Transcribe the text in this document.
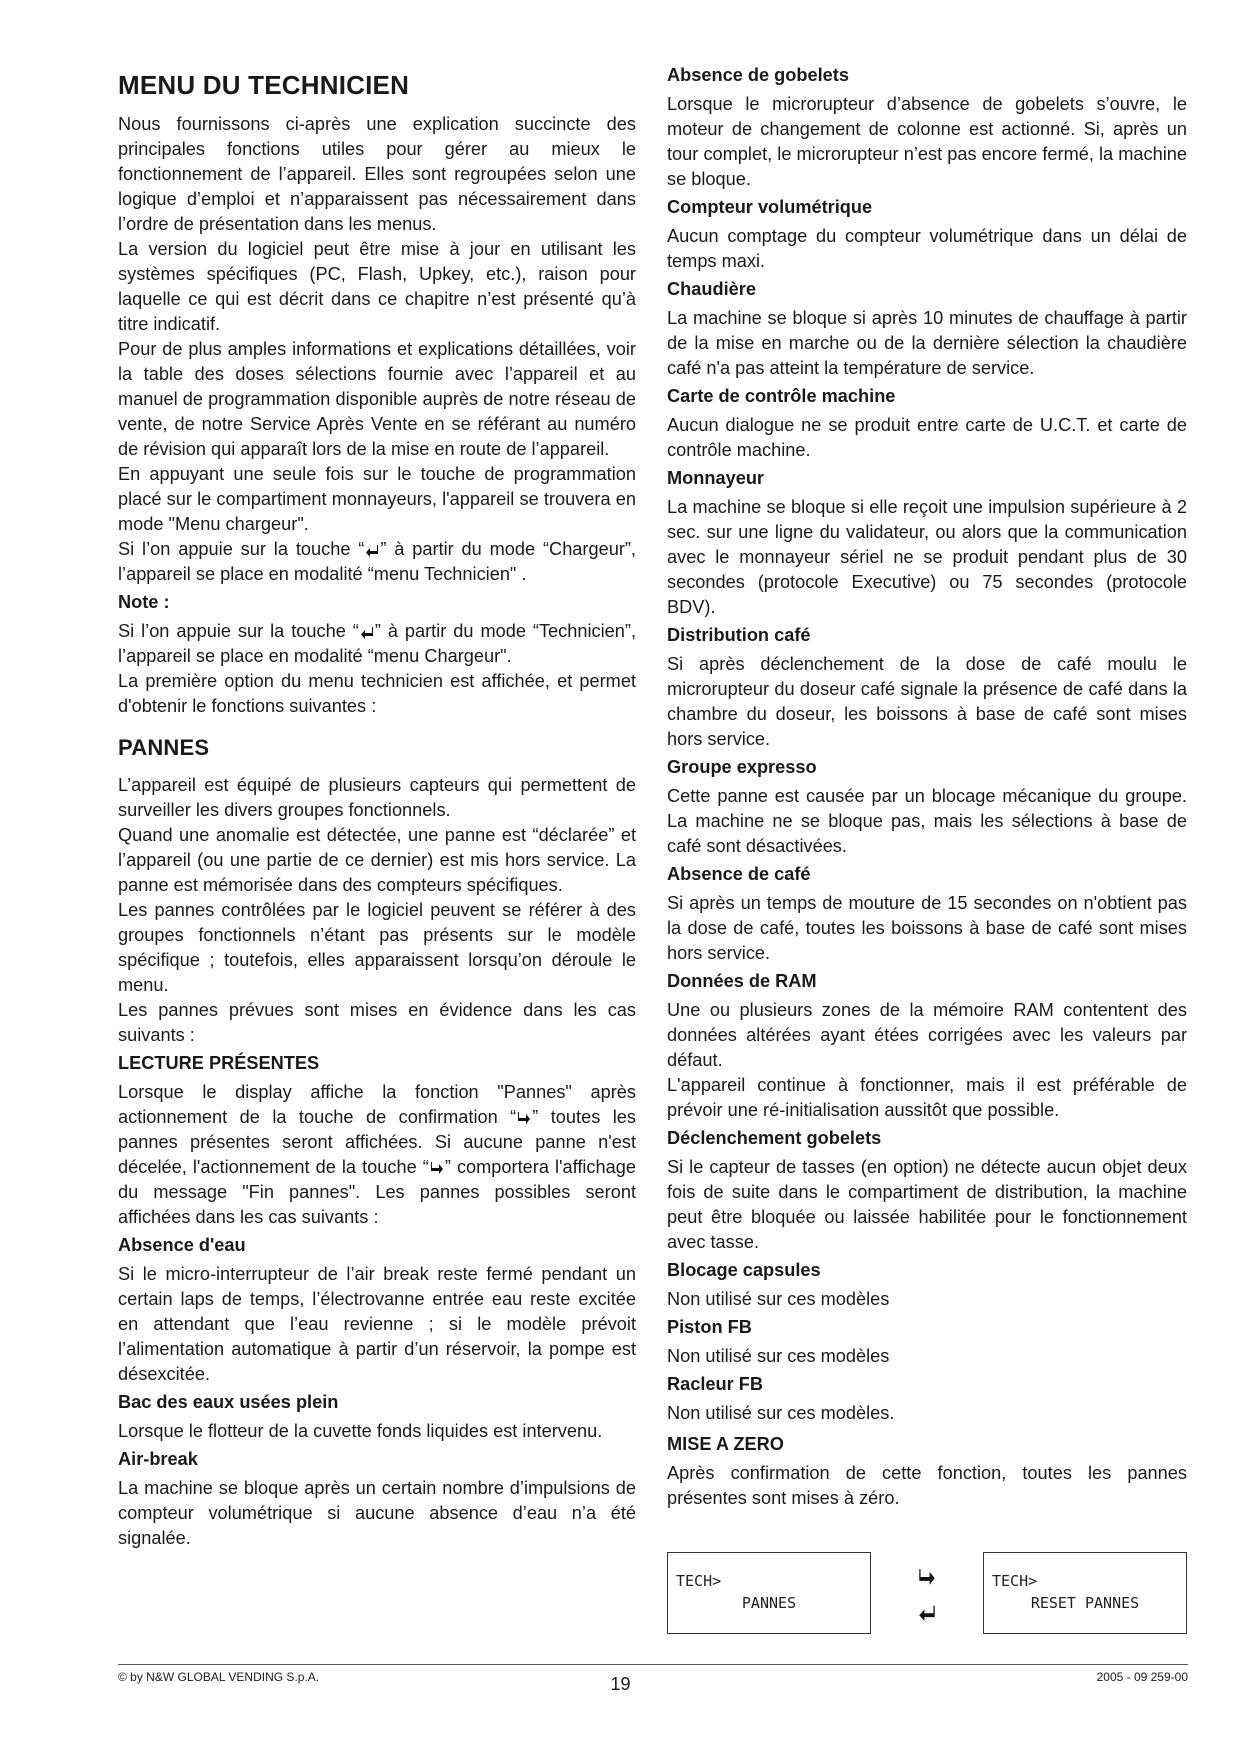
MENU DU TECHNICIEN

Nous fournissons ci-après une explication succincte des principales fonctions utiles pour gérer au mieux le fonctionnement de l’appareil. Elles sont regroupées selon une logique d’emploi et n’apparaissent pas nécessairement dans l’ordre de présentation dans les menus.

La version du logiciel peut être mise à jour en utilisant les systèmes spécifiques (PC, Flash, Upkey, etc.), raison pour laquelle ce qui est décrit dans ce chapitre n’est présenté qu’à titre indicatif.

Pour de plus amples informations et explications détaillées, voir la table des doses sélections fournie avec l’appareil et au manuel de programmation disponible auprès de notre réseau de vente, de notre Service Après Vente en se référant au numéro de révision qui apparaît lors de la mise en route de l’appareil.

En appuyant une seule fois sur le touche de programmation placé sur le compartiment monnayeurs, l'appareil se trouvera en mode "Menu chargeur".

Si l’on appuie sur la touche “ ” à partir du mode “Chargeur”, l’appareil se place en modalité “menu Technicien" .

Note :

Si l’on appuie sur la touche “ ” à partir du mode “Technicien”, l’appareil se place en modalité “menu Chargeur".

La première option du menu technicien est affichée, et permet d'obtenir le fonctions suivantes :

PANNES

L’appareil est équipé de plusieurs capteurs qui permettent de surveiller les divers groupes fonctionnels.

Quand une anomalie est détectée, une panne est “déclarée” et l’appareil (ou une partie de ce dernier) est mis hors service. La panne est mémorisée dans des compteurs spécifiques.

Les pannes contrôlées par le logiciel peuvent se référer à des groupes fonctionnels n’étant pas présents sur le modèle spécifique ; toutefois, elles apparaissent lorsqu’on déroule le menu.

Les pannes prévues sont mises en évidence dans les cas suivants :

LECTURE PRÉSENTES

Lorsque le display affiche la fonction "Pannes" après actionnement de la touche de confirmation “ ” toutes les pannes présentes seront affichées. Si aucune panne n'est décelée, l'actionnement de la touche “ ” comportera l'affichage du message "Fin pannes". Les pannes possibles seront affichées dans les cas suivants :

Absence d'eau

Si le micro-interrupteur de l’air break reste fermé pendant un certain laps de temps, l’électrovanne entrée eau reste excitée en attendant que l’eau revienne ; si le modèle prévoit l’alimentation automatique à partir d’un réservoir, la pompe est désexcitée.

Bac des eaux usées plein

Lorsque le flotteur de la cuvette fonds liquides est intervenu.

Air-break

La machine se bloque après un certain nombre d’impulsions de compteur volumétrique si aucune absence d’eau n’a été signalée.

Absence de gobelets

Lorsque le microrupteur d’absence de gobelets s’ouvre, le moteur de changement de colonne est actionné. Si, après un tour complet, le microrupteur n’est pas encore fermé, la machine se bloque.

Compteur volumétrique

Aucun comptage du compteur volumétrique dans un délai de temps maxi.

Chaudière

La machine se bloque si après 10 minutes de chauffage à partir de la mise en marche ou de la dernière sélection la chaudière café n'a pas atteint la température de service.

Carte de contrôle machine

Aucun dialogue ne se produit entre carte de U.C.T. et carte de contrôle machine.

Monnayeur

La machine se bloque si elle reçoit une impulsion supérieure à 2 sec. sur une ligne du validateur, ou alors que la communication avec le monnayeur sériel ne se produit pendant plus de 30 secondes (protocole Executive) ou 75 secondes (protocole BDV).

Distribution café

Si après déclenchement de la dose de café moulu le microrupteur du doseur café signale la présence de café dans la chambre du doseur, les boissons à base de café sont mises hors service.

Groupe expresso

Cette panne est causée par un blocage mécanique du groupe. La machine ne se bloque pas, mais les sélections à base de café sont désactivées.

Absence de café

Si après un temps de mouture de 15 secondes on n'obtient pas la dose de café, toutes les boissons à base de café sont mises hors service.

Données de RAM

Une ou plusieurs zones de la mémoire RAM contentent des données altérées ayant étées corrigées avec les valeurs par défaut.

L'appareil continue à fonctionner, mais il est préférable de prévoir une ré-initialisation aussitôt que possible.

Déclenchement gobelets

Si le capteur de tasses (en option) ne détecte aucun objet deux fois de suite dans le compartiment de distribution, la machine peut être bloquée ou laissée habilitée pour le fonctionnement avec tasse.

Blocage capsules

Non utilisé sur ces modèles

Piston FB

Non utilisé sur ces modèles

Racleur FB

Non utilisé sur ces modèles.

MISE A ZERO

Après confirmation de cette fonction, toutes les pannes présentes sont mises à zéro.

TECH>
PANNES
TECH>
RESET PANNES
© by N&W GLOBAL VENDING S.p.A.	19	2005 - 09 259-00
